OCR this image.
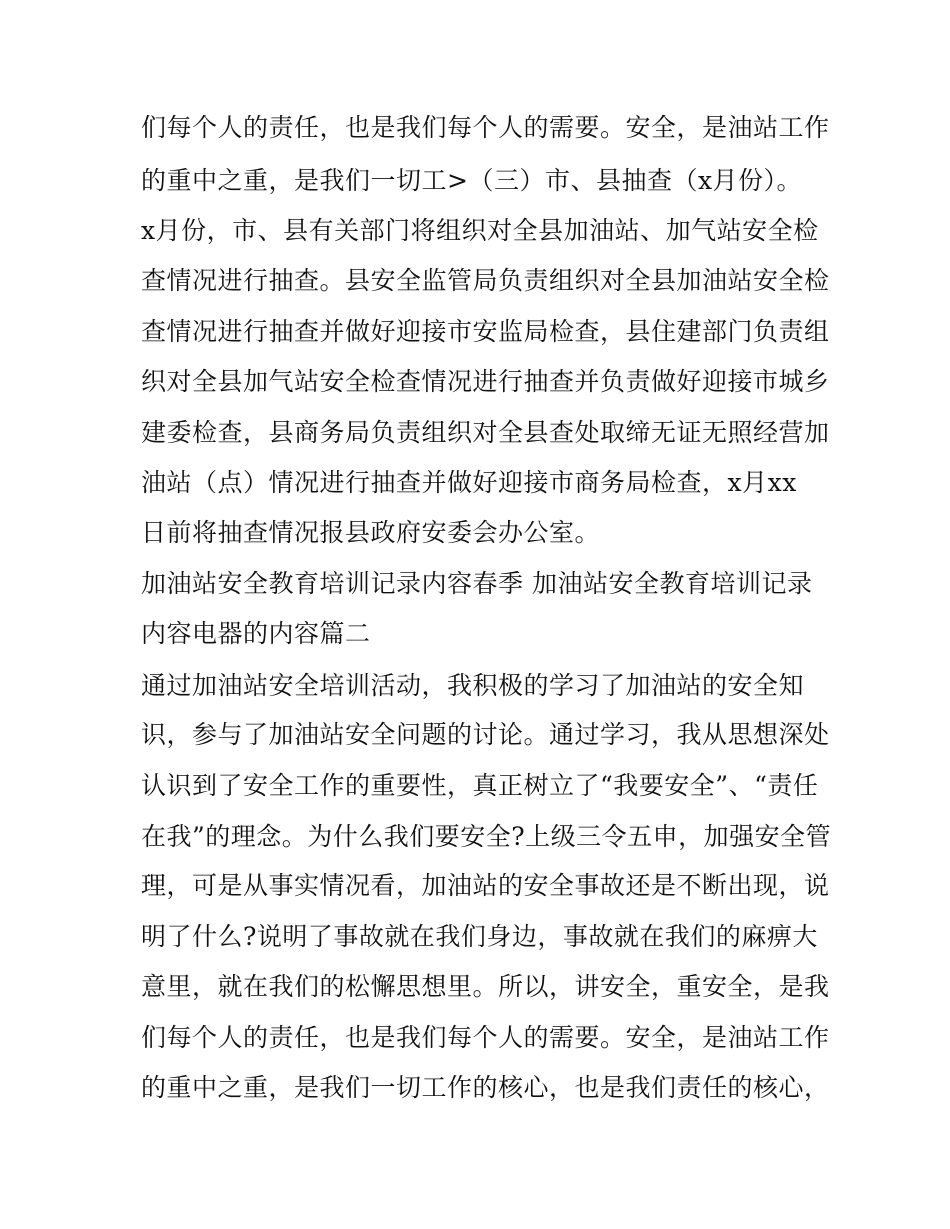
们每个人的责任，也是我们每个人的需要。安全，是油站工作
的重中之重，是我们一切工>（三）市、县抽查（x月份）。
x月份，市、县有关部门将组织对全县加油站、加气站安全检
查情况进行抽查。县安全监管局负责组织对全县加油站安全检
查情况进行抽查并做好迎接市安监局检查，县住建部门负责组
织对全县加气站安全检查情况进行抽查并负责做好迎接市城乡
建委检查，县商务局负责组织对全县查处取缔无证无照经营加
油站（点）情况进行抽查并做好迎接市商务局检查，x月xx
日前将抽查情况报县政府安委会办公室。
加油站安全教育培训记录内容春季 加油站安全教育培训记录
内容电器的内容篇二
通过加油站安全培训活动，我积极的学习了加油站的安全知
识，参与了加油站安全问题的讨论。通过学习，我从思想深处
认识到了安全工作的重要性，真正树立了“我要安全”、“责任
在我”的理念。为什么我们要安全?上级三令五申，加强安全管
理，可是从事实情况看，加油站的安全事故还是不断出现，说
明了什么?说明了事故就在我们身边，事故就在我们的麻痹大
意里，就在我们的松懈思想里。所以，讲安全，重安全，是我
们每个人的责任，也是我们每个人的需要。安全，是油站工作
的重中之重，是我们一切工作的核心，也是我们责任的核心，
